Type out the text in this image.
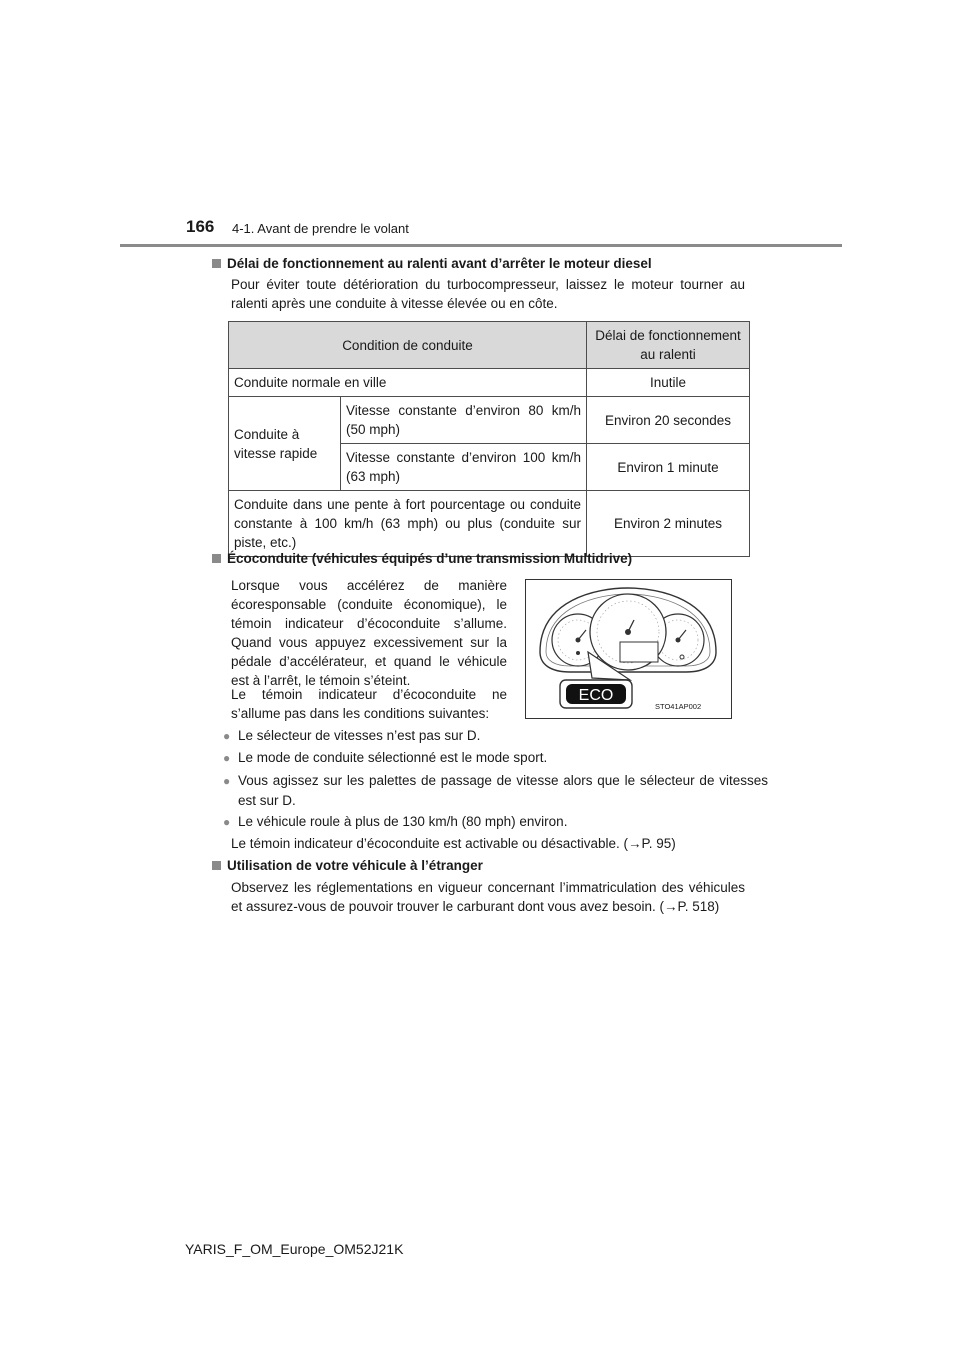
166 4-1. Avant de prendre le volant
Délai de fonctionnement au ralenti avant d’arrêter le moteur diesel
Pour éviter toute détérioration du turbocompresseur, laissez le moteur tourner au ralenti après une conduite à vitesse élevée ou en côte.
Condition de conduite		Délai de fonctionnement au ralenti
Conduite normale en ville		Inutile
Conduite à vitesse rapide	Vitesse constante d’environ 80 km/h (50 mph)	Environ 20 secondes
	Vitesse constante d’environ 100 km/h (63 mph)	Environ 1 minute
Conduite dans une pente à fort pourcentage ou conduite constante à 100 km/h (63 mph) ou plus (conduite sur piste, etc.)		Environ 2 minutes
Écoconduite (véhicules équipés d’une transmission Multidrive)
Lorsque vous accélérez de manière écoresponsable (conduite économique), le témoin indicateur d’écoconduite s’allume. Quand vous appuyez excessivement sur la pédale d’accélérateur, et quand le véhicule est à l’arrêt, le témoin s’éteint.
Le témoin indicateur d’écoconduite ne s’allume pas dans les conditions suivantes:
ECO
STO41AP002
● Le sélecteur de vitesses n’est pas sur D.
● Le mode de conduite sélectionné est le mode sport.
● Vous agissez sur les palettes de passage de vitesse alors que le sélecteur de vitesses est sur D.
● Le véhicule roule à plus de 130 km/h (80 mph) environ.
Le témoin indicateur d’écoconduite est activable ou désactivable. (→P. 95)
Utilisation de votre véhicule à l’étranger
Observez les réglementations en vigueur concernant l’immatriculation des véhicules et assurez-vous de pouvoir trouver le carburant dont vous avez besoin. (→P. 518)
YARIS_F_OM_Europe_OM52J21K
